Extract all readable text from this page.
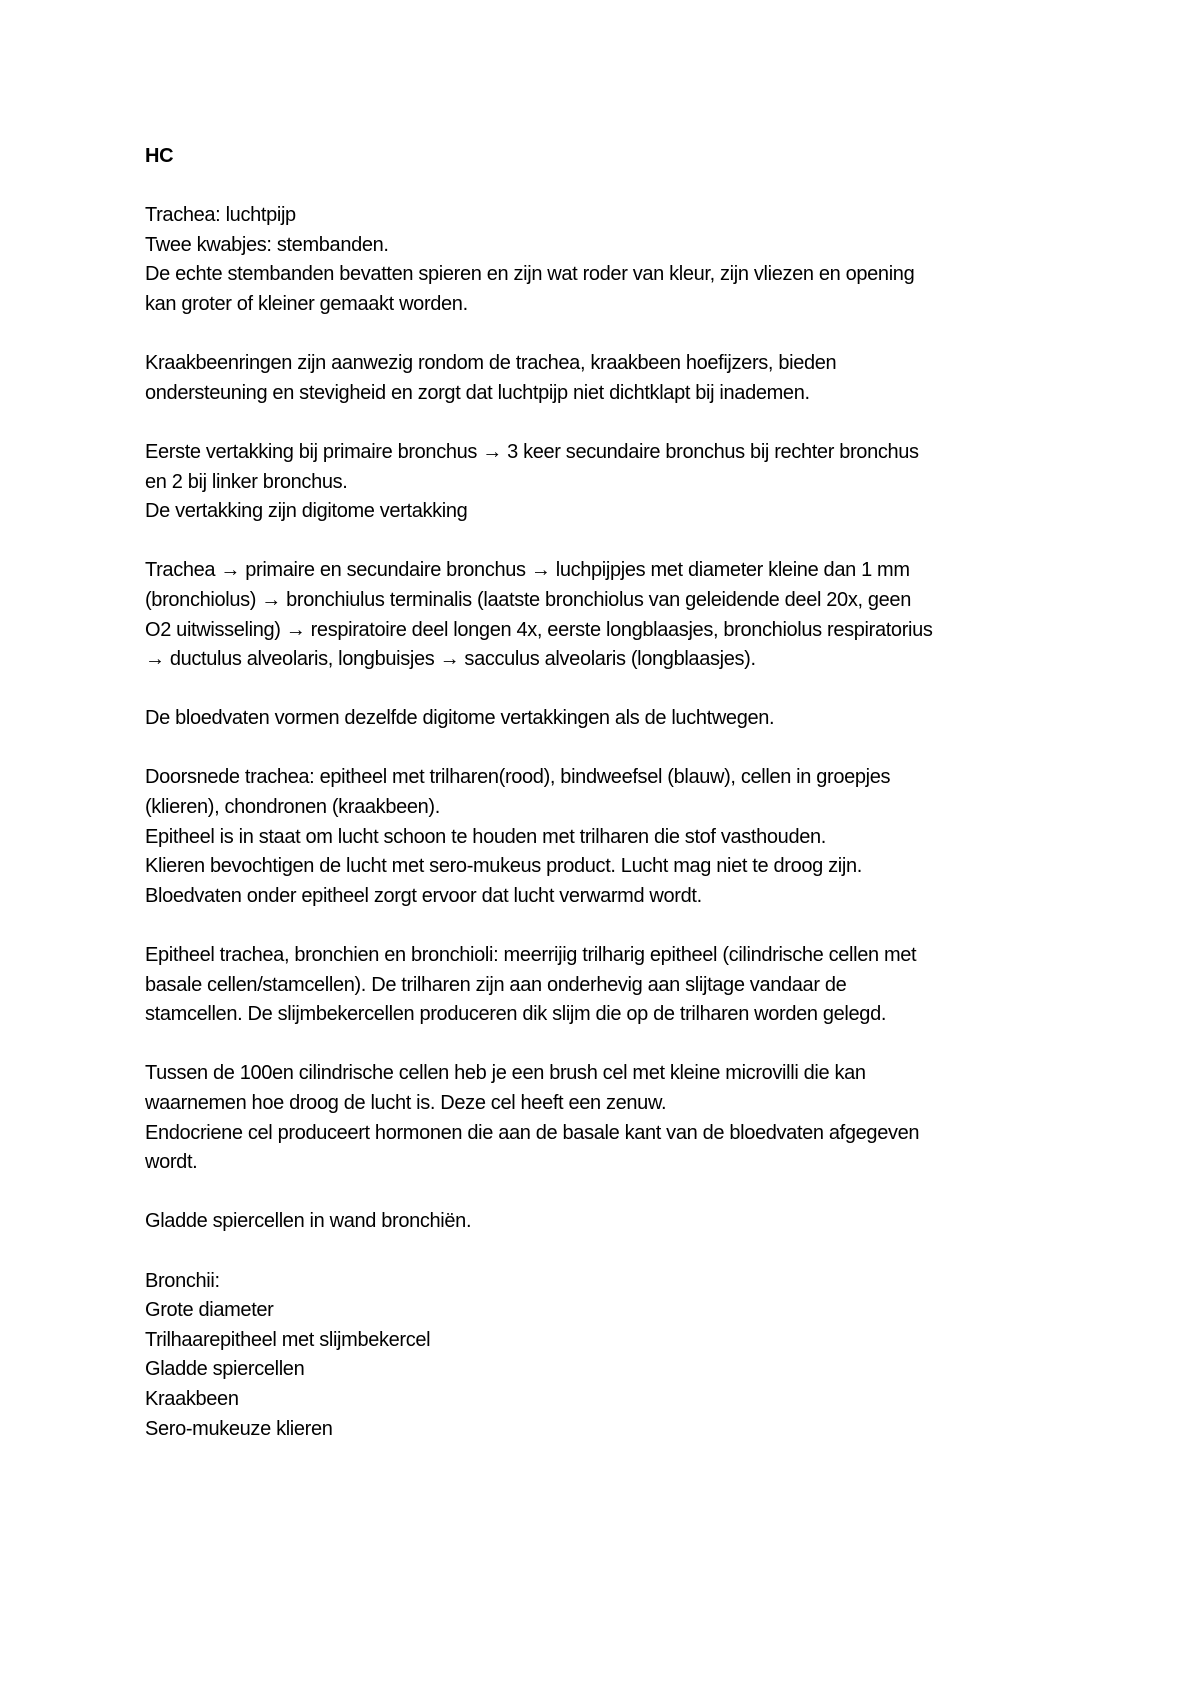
HC

Trachea: luchtpijp
Twee kwabjes: stembanden.
De echte stembanden bevatten spieren en zijn wat roder van kleur, zijn vliezen en opening
kan groter of kleiner gemaakt worden.

Kraakbeenringen zijn aanwezig rondom de trachea, kraakbeen hoefijzers, bieden
ondersteuning en stevigheid en zorgt dat luchtpijp niet dichtklapt bij inademen.

Eerste vertakking bij primaire bronchus → 3 keer secundaire bronchus bij rechter bronchus
en 2 bij linker bronchus.
De vertakking zijn digitome vertakking

Trachea → primaire en secundaire bronchus → luchpijpjes met diameter kleine dan 1 mm
(bronchiolus) → bronchiulus terminalis (laatste bronchiolus van geleidende deel 20x, geen
O2 uitwisseling) → respiratoire deel longen 4x, eerste longblaasjes, bronchiolus respiratorius
→ ductulus alveolaris, longbuisjes → sacculus alveolaris (longblaasjes).

De bloedvaten vormen dezelfde digitome vertakkingen als de luchtwegen.

Doorsnede trachea: epitheel met trilharen(rood), bindweefsel (blauw), cellen in groepjes
(klieren), chondronen (kraakbeen).
Epitheel is in staat om lucht schoon te houden met trilharen die stof vasthouden.
Klieren bevochtigen de lucht met sero-mukeus product. Lucht mag niet te droog zijn.
Bloedvaten onder epitheel zorgt ervoor dat lucht verwarmd wordt.

Epitheel trachea, bronchien en bronchioli: meerrijig trilharig epitheel (cilindrische cellen met
basale cellen/stamcellen). De trilharen zijn aan onderhevig aan slijtage vandaar de
stamcellen. De slijmbekercellen produceren dik slijm die op de trilharen worden gelegd.

Tussen de 100en cilindrische cellen heb je een brush cel met kleine microvilli die kan
waarnemen hoe droog de lucht is. Deze cel heeft een zenuw.
Endocriene cel produceert hormonen die aan de basale kant van de bloedvaten afgegeven
wordt.

Gladde spiercellen in wand bronchiën.

Bronchii:
Grote diameter
Trilhaarepitheel met slijmbekercel
Gladde spiercellen
Kraakbeen
Sero-mukeuze klieren
